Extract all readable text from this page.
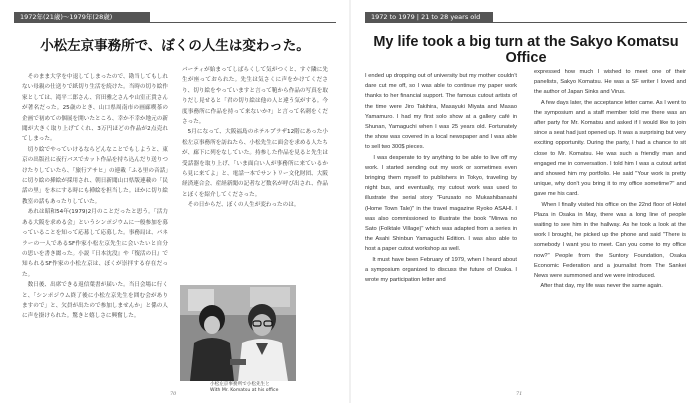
1972年(21歳)～1979年(28歳)
小松左京事務所で、ぼくの人生は変わった。
　そのまま大学を中退してしまったので、勘当してもしれない母親の仕送りで紙切り生活を続けた。当時の切り絵作家としては、滝平二郎さん、宮田雅之さんや山室正貴さんが著名だった。25歳のとき、山口県周南市の画廊喫茶の企画で初めての個展を開いたところ、幸か不幸か地元の新聞が大きく取り上げてくれ、3万円ほどの作品が2点売れてしまった。
　切り絵でやっていけるならどんなことでもしようと、東京の出版社に夜行バスでカット作品を持ち込んだり送りつけたりしていたら、「旅行アサヒ」の連載「ふる里の音話」に切り絵の挿絵が採用され、朝日新聞山口県版連載の「民話の里」を本にする時にも挿絵を担当した。ほかに切り絵教室の話もあったりしていた。
　あれは昭和54年(1979)2月のことだったと思う。「活力ある大阪を求める会」というシンポジウムに一般参加を募っていることを知って応募して応募した。事務局は、パネラーの一人であるSF作家小松左京先生に会いたいと自分の思いを書き綴った。小説『日本沈没』や『復活の日』で知られるSF作家の小松左京は、ぼくが崇拝する存在だった。
　数日後、出席できる返信葉書が届いた。当日会場に行くと、「シンポジウム終了後に小松左京先生を囲む会がありますので」と、欠員が出たので参加しませんか」と係の人に声を掛けられた。驚きと嬉しさに興奮した。
パーティが始まってしばらくして気がつくと、すぐ隣に先生が座っておられた。先生は気さくに声をかけてくださり、切り絵をやっていますと言って鞄から作品の写真を取りだし見せると「君の切り絵は他の人と違う気がする。今度事務所に作品を持って来ないか?」と言って名刺をくださった。
　5月になって、大阪福島のホテルプラザ12階にあった小松左京事務所を訪ねたら、小松先生に面会を求める人たちが、廊下に列をなしていた。持参した作品を見ると先生は受話器を取り上げ、「いま面白い人が事務所に来ているから見に来てよ」と、電話一本でサントリー文化財団、大阪経済連合会、産経新聞の記者など数名が呼び出され、作品とぼくを紹介してくださった。
　その日からだ、ぼくの人生が変わったのは。
小松左京事務所で小松先生と
With Mr. Komatsu at his office
70
1972 to 1979 | 21 to 28 years old
My life took a big turn at the Sakyo Komatsu Office
I ended up dropping out of university but my mother couldn't dare cut me off, so I was able to continue my paper work thanks to her financial support. The famous cutout artists of the time were Jiro Takihira, Masayuki Miyata and Masao Yamamuro. I had my first solo show at a gallery café in Shunan, Yamaguchi when I was 25 years old. Fortunately the show was covered in a local newspaper and I was able to sell two 300$ pieces.
I was desperate to try anything to be able to live off my work. I started sending out my work or sometimes even bringing them myself to publishers in Tokyo, traveling by night bus, and eventually, my cutout work was used to illustrate the serial story "Furusato no Mukashibanashi (Home Town Tale)" in the travel magazine Ryoko ASAHI. I was also commissioned to illustrate the book "Minwa no Sato (Folktale Village)" which was adapted from a series in the Asahi Shinbun Yamaguchi Edition. I was also able to host a paper cutout workshop as well.
It must have been February of 1979, when I heard about a symposium organized to discuss the future of Osaka. I wrote my participation letter and
expressed how much I wished to meet one of their panelists, Sakyo Komatsu. He was a SF writer I loved and the author of Japan Sinks and Virus.
A few days later, the acceptance letter came. As I went to the symposium and a staff member told me there was an after party for Mr. Komatsu and asked if I would like to join since a seat had just opened up. It was a surprising but very exciting opportunity. During the party, I had a chance to sit close to Mr. Komatsu. He was such a friendly man and engaged me in conversation. I told him I was a cutout artist and showed him my portfolio. He said "Your work is pretty unique, why don't you bring it to my office sometime?" and gave me his card.
When I finally visited his office on the 22nd floor of Hotel Plaza in Osaka in May, there was a long line of people waiting to see him in the hallway. As he took a look at the work I brought, he picked up the phone and said "There is somebody I want you to meet. Can you come to my office now?" People from the Suntory Foundation, Osaka Economic Federation and a journalist from The Sankei News were summoned and we were introduced.
After that day, my life was never the same again.
71
